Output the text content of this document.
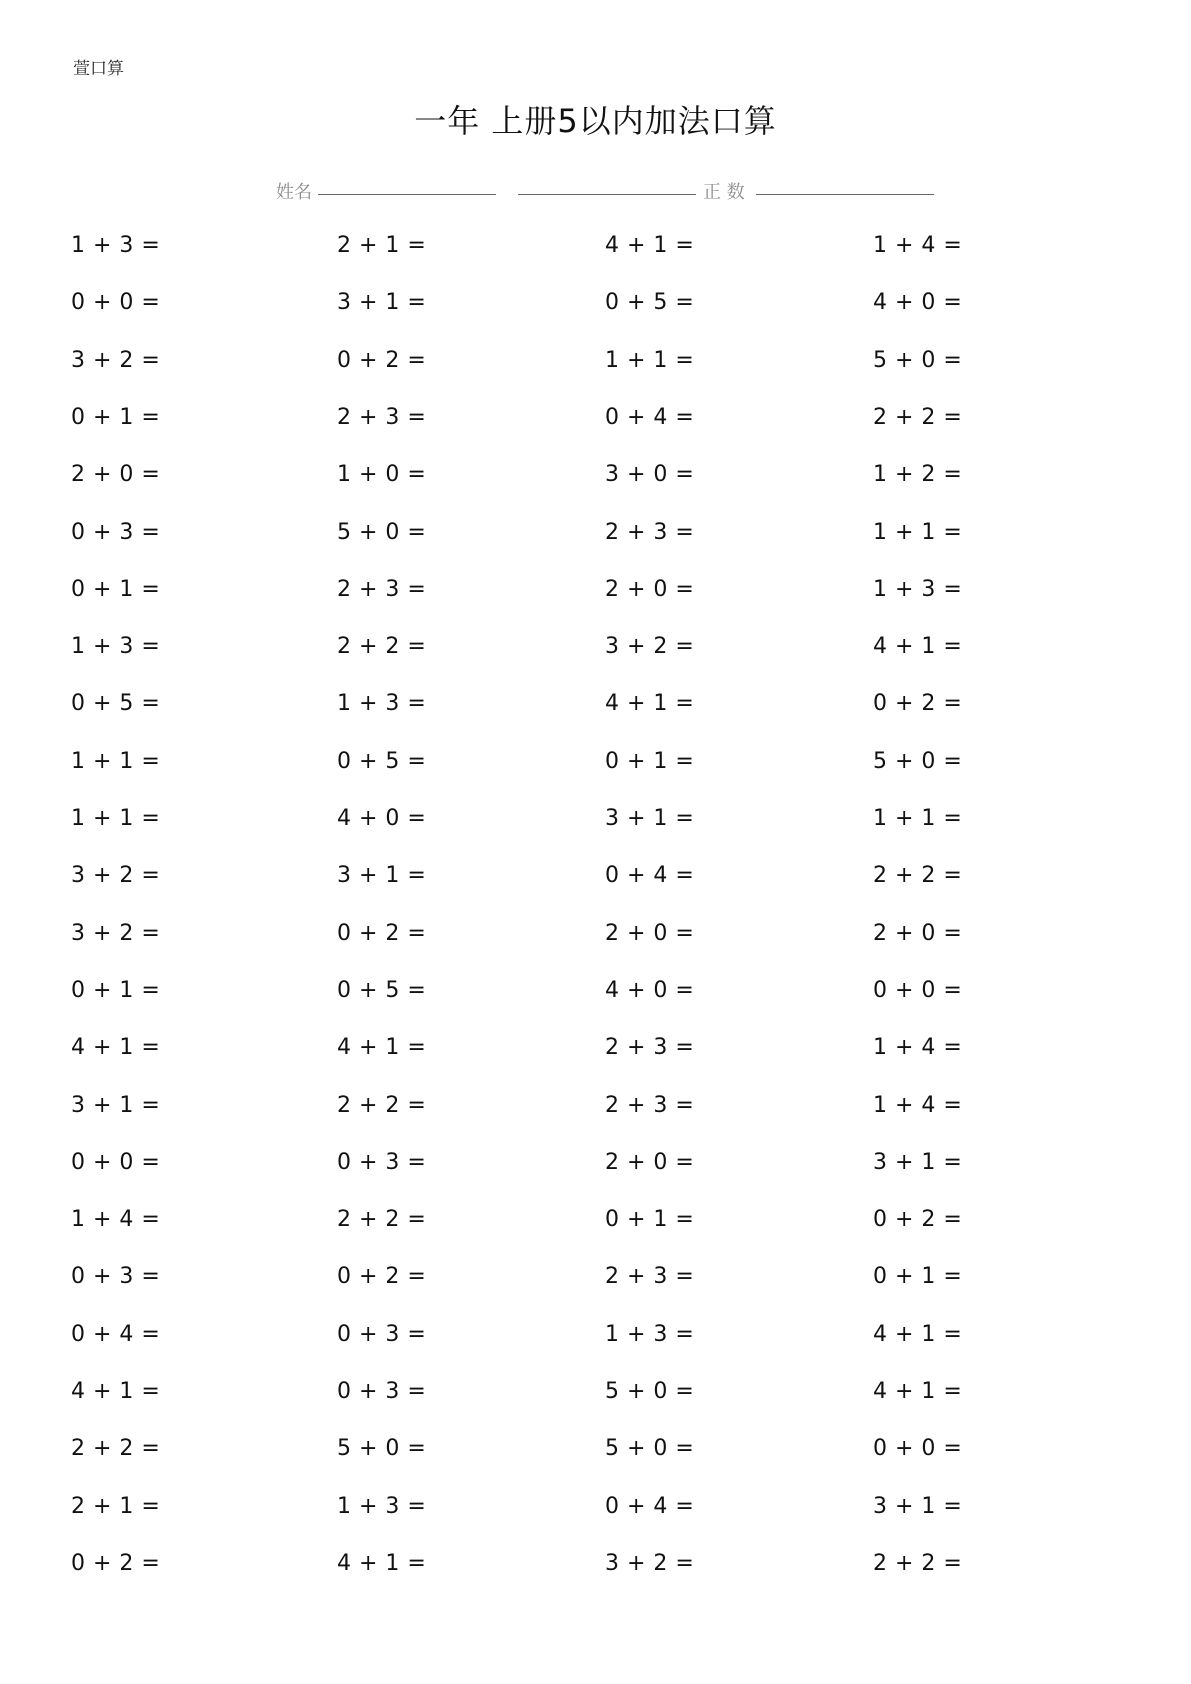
萱口算
一年 上册5以内加法口算
姓名	正 数
1 + 3 =
0 + 0 =
3 + 2 =
0 + 1 =
2 + 0 =
0 + 3 =
0 + 1 =
1 + 3 =
0 + 5 =
1 + 1 =
1 + 1 =
3 + 2 =
3 + 2 =
0 + 1 =
4 + 1 =
3 + 1 =
0 + 0 =
1 + 4 =
0 + 3 =
0 + 4 =
4 + 1 =
2 + 2 =
2 + 1 =
0 + 2 =
2 + 1 =
3 + 1 =
0 + 2 =
2 + 3 =
1 + 0 =
5 + 0 =
2 + 3 =
2 + 2 =
1 + 3 =
0 + 5 =
4 + 0 =
3 + 1 =
0 + 2 =
0 + 5 =
4 + 1 =
2 + 2 =
0 + 3 =
2 + 2 =
0 + 2 =
0 + 3 =
0 + 3 =
5 + 0 =
1 + 3 =
4 + 1 =
4 + 1 =
0 + 5 =
1 + 1 =
0 + 4 =
3 + 0 =
2 + 3 =
2 + 0 =
3 + 2 =
4 + 1 =
0 + 1 =
3 + 1 =
0 + 4 =
2 + 0 =
4 + 0 =
2 + 3 =
2 + 3 =
2 + 0 =
0 + 1 =
2 + 3 =
1 + 3 =
5 + 0 =
5 + 0 =
0 + 4 =
3 + 2 =
1 + 4 =
4 + 0 =
5 + 0 =
2 + 2 =
1 + 2 =
1 + 1 =
1 + 3 =
4 + 1 =
0 + 2 =
5 + 0 =
1 + 1 =
2 + 2 =
2 + 0 =
0 + 0 =
1 + 4 =
1 + 4 =
3 + 1 =
0 + 2 =
0 + 1 =
4 + 1 =
4 + 1 =
0 + 0 =
3 + 1 =
2 + 2 =
